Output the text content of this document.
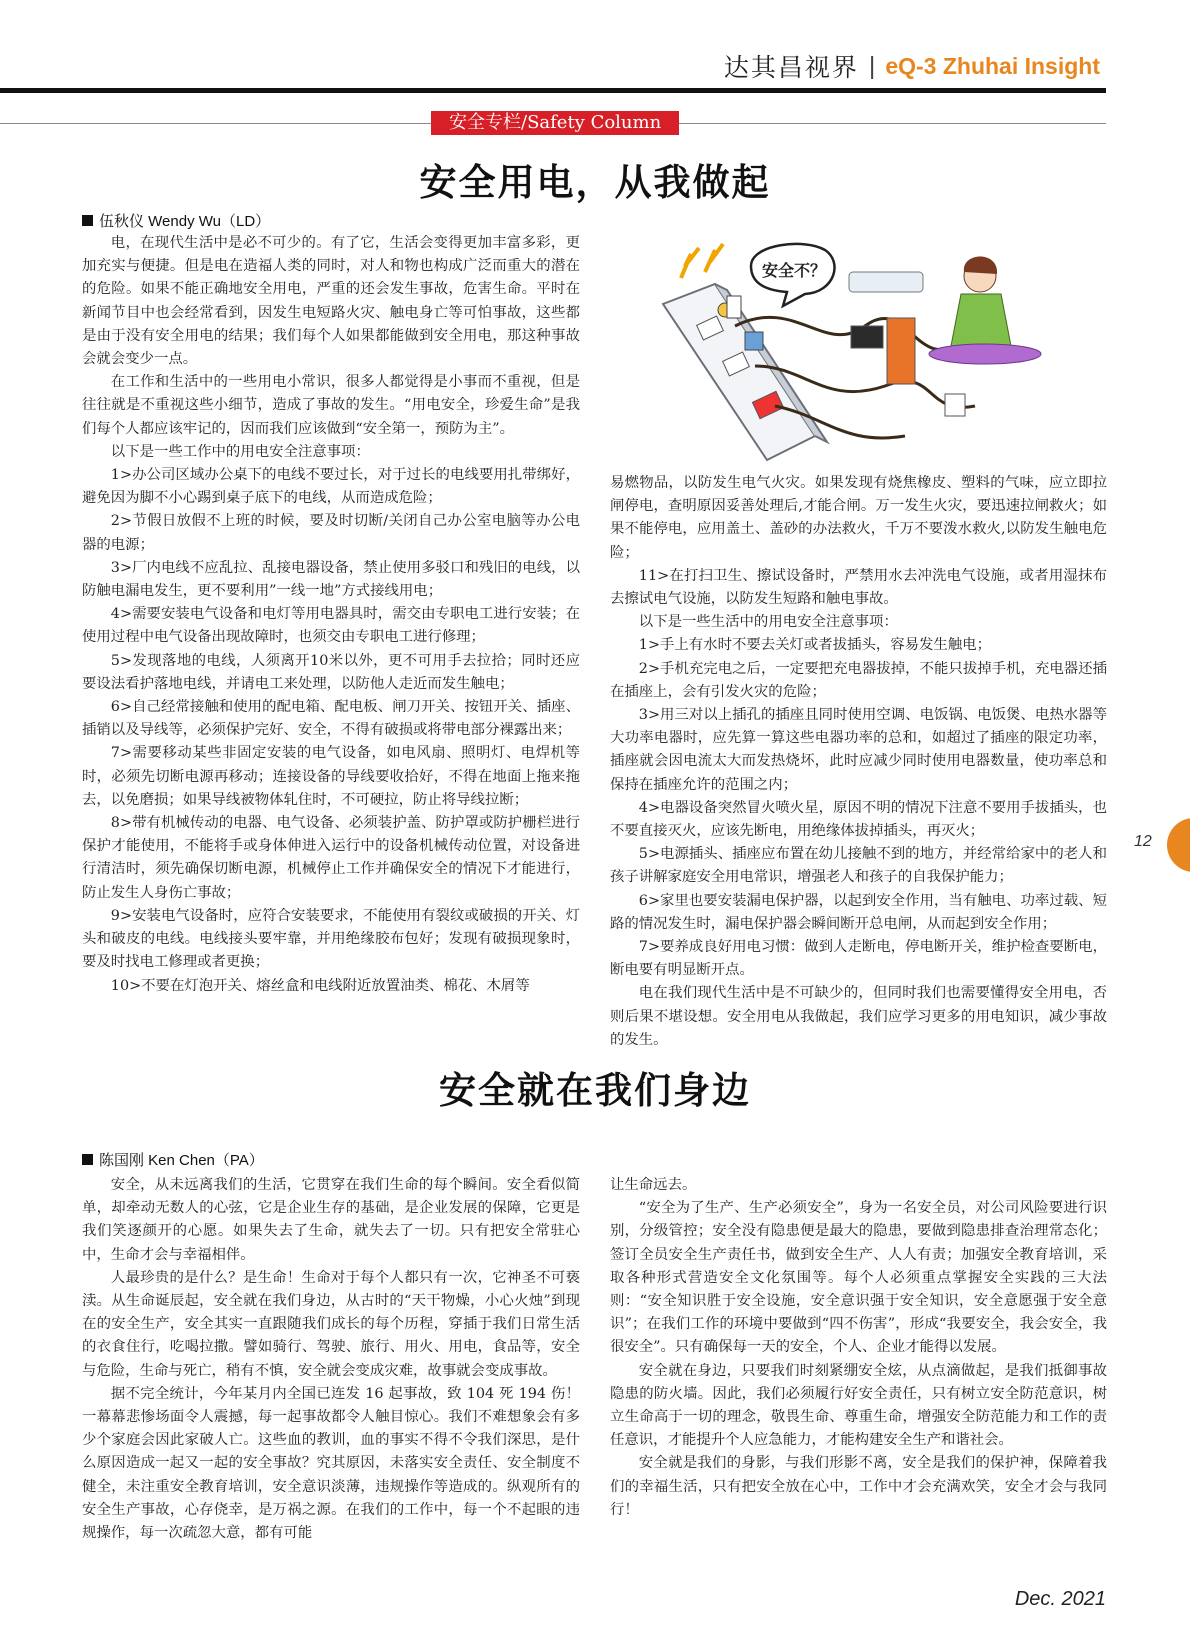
达其昌视界 | eQ-3 Zhuhai Insight
安全专栏/Safety Column
安全用电，从我做起
伍秋仪 Wendy Wu（LD）

电，在现代生活中是必不可少的。有了它，生活会变得更加丰富多彩，更加充实与便捷。但是电在造福人类的同时，对人和物也构成广泛而重大的潜在的危险。如果不能正确地安全用电，严重的还会发生事故，危害生命。平时在新闻节目中也会经常看到，因发生电短路火灾、触电身亡等可怕事故，这些都是由于没有安全用电的结果；我们每个人如果都能做到安全用电，那这种事故会就会变少一点。

在工作和生活中的一些用电小常识，很多人都觉得是小事而不重视，但是往往就是不重视这些小细节，造成了事故的发生。“用电安全，珍爱生命”是我们每个人都应该牢记的，因而我们应该做到“安全第一，预防为主”。

以下是一些工作中的用电安全注意事项：

1>办公司区域办公桌下的电线不要过长，对于过长的电线要用扎带绑好，避免因为脚不小心踢到桌子底下的电线，从而造成危险；

2>节假日放假不上班的时候，要及时切断/关闭自己办公室电脑等办公电器的电源；

3>厂内电线不应乱拉、乱接电器设备，禁止使用多驳口和残旧的电线，以防触电漏电发生，更不要利用”一线一地”方式接线用电；

4>需要安装电气设备和电灯等用电器具时，需交由专职电工进行安装；在使用过程中电气设备出现故障时，也须交由专职电工进行修理；

5>发现落地的电线，人须离开10米以外，更不可用手去拉拾；同时还应要设法看护落地电线，并请电工来处理，以防他人走近而发生触电；

6>自己经常接触和使用的配电箱、配电板、闸刀开关、按钮开关、插座、插销以及导线等，必须保护完好、安全，不得有破损或将带电部分裸露出来；

7>需要移动某些非固定安装的电气设备，如电风扇、照明灯、电焊机等时，必须先切断电源再移动；连接设备的导线要收拾好，不得在地面上拖来拖去，以免磨损；如果导线被物体轧住时，不可硬拉，防止将导线拉断；

8>带有机械传动的电器、电气设备、必须装护盖、防护罩或防护栅栏进行保护才能使用，不能将手或身体伸进入运行中的设备机械传动位置，对设备进行清洁时，须先确保切断电源，机械停止工作并确保安全的情况下才能进行，防止发生人身伤亡事故；

9>安装电气设备时，应符合安装要求，不能使用有裂纹或破损的开关、灯头和破皮的电线。电线接头要牢靠，并用绝缘胶布包好；发现有破损现象时，要及时找电工修理或者更换；

10>不要在灯泡开关、熔丝盒和电线附近放置油类、棉花、木屑等

安全不？

易燃物品，以防发生电气火灾。如果发现有烧焦橡皮、塑料的气味，应立即拉闸停电，查明原因妥善处理后,才能合闸。万一发生火灾，要迅速拉闸救火；如果不能停电，应用盖土、盖砂的办法救火，千万不要泼水救火,以防发生触电危险；

11>在打扫卫生、擦试设备时，严禁用水去冲洗电气设施，或者用湿抹布去擦试电气设施，以防发生短路和触电事故。

以下是一些生活中的用电安全注意事项：

1>手上有水时不要去关灯或者拔插头，容易发生触电；

2>手机充完电之后，一定要把充电器拔掉，不能只拔掉手机，充电器还插在插座上，会有引发火灾的危险；

3>用三对以上插孔的插座且同时使用空调、电饭锅、电饭煲、电热水器等大功率电器时，应先算一算这些电器功率的总和，如超过了插座的限定功率，插座就会因电流太大而发热烧坏，此时应减少同时使用电器数量，使功率总和保持在插座允许的范围之内；

4>电器设备突然冒火喷火星，原因不明的情况下注意不要用手拔插头，也不要直接灭火，应该先断电，用绝缘体拔掉插头，再灭火；

5>电源插头、插座应布置在幼儿接触不到的地方，并经常给家中的老人和孩子讲解家庭安全用电常识，增强老人和孩子的自我保护能力；

6>家里也要安装漏电保护器，以起到安全作用，当有触电、功率过载、短路的情况发生时，漏电保护器会瞬间断开总电闸，从而起到安全作用；

7>要养成良好用电习惯：做到人走断电，停电断开关，维护检查要断电，断电要有明显断开点。

电在我们现代生活中是不可缺少的，但同时我们也需要懂得安全用电，否则后果不堪设想。安全用电从我做起，我们应学习更多的用电知识，减少事故的发生。

安全就在我们身边
陈国刚 Ken Chen（PA）

安全，从未远离我们的生活，它贯穿在我们生命的每个瞬间。安全看似简单，却牵动无数人的心弦，它是企业生存的基础，是企业发展的保障，它更是我们笑逐颜开的心愿。如果失去了生命，就失去了一切。只有把安全常驻心中，生命才会与幸福相伴。

人最珍贵的是什么？是生命！生命对于每个人都只有一次，它神圣不可亵渎。从生命诞辰起，安全就在我们身边，从古时的“天干物燥，小心火烛”到现在的安全生产，安全其实一直跟随我们成长的每个历程，穿插于我们日常生活的衣食住行，吃喝拉撒。譬如骑行、驾驶、旅行、用火、用电，食品等，安全与危险，生命与死亡，稍有不慎，安全就会变成灾难，故事就会变成事故。

据不完全统计，今年某月内全国已连发 16 起事故，致 104 死 194 伤！一幕幕悲惨场面令人震撼，每一起事故都令人触目惊心。我们不难想象会有多少个家庭会因此家破人亡。这些血的教训，血的事实不得不令我们深思，是什么原因造成一起又一起的安全事故？究其原因，未落实安全责任、安全制度不健全，未注重安全教育培训，安全意识淡薄，违规操作等造成的。纵观所有的安全生产事故，心存侥幸，是万祸之源。在我们的工作中，每一个不起眼的违规操作，每一次疏忽大意，都有可能

让生命远去。

“安全为了生产、生产必须安全”，身为一名安全员，对公司风险要进行识别，分级管控；安全没有隐患便是最大的隐患，要做到隐患排查治理常态化；签订全员安全生产责任书，做到安全生产、人人有责；加强安全教育培训，采取各种形式营造安全文化氛围等。每个人必须重点掌握安全实践的三大法则：“安全知识胜于安全设施，安全意识强于安全知识，安全意愿强于安全意识”；在我们工作的环境中要做到“四不伤害”，形成“我要安全，我会安全，我很安全”。只有确保每一天的安全，个人、企业才能得以发展。

安全就在身边，只要我们时刻紧绷安全炫，从点滴做起，是我们抵御事故隐患的防火墙。因此，我们必须履行好安全责任，只有树立安全防范意识，树立生命高于一切的理念，敬畏生命、尊重生命，增强安全防范能力和工作的责任意识，才能提升个人应急能力，才能构建安全生产和谐社会。

安全就是我们的身影，与我们形影不离，安全是我们的保护神，保障着我们的幸福生活，只有把安全放在心中，工作中才会充满欢笑，安全才会与我同行！

12
Dec. 2021
